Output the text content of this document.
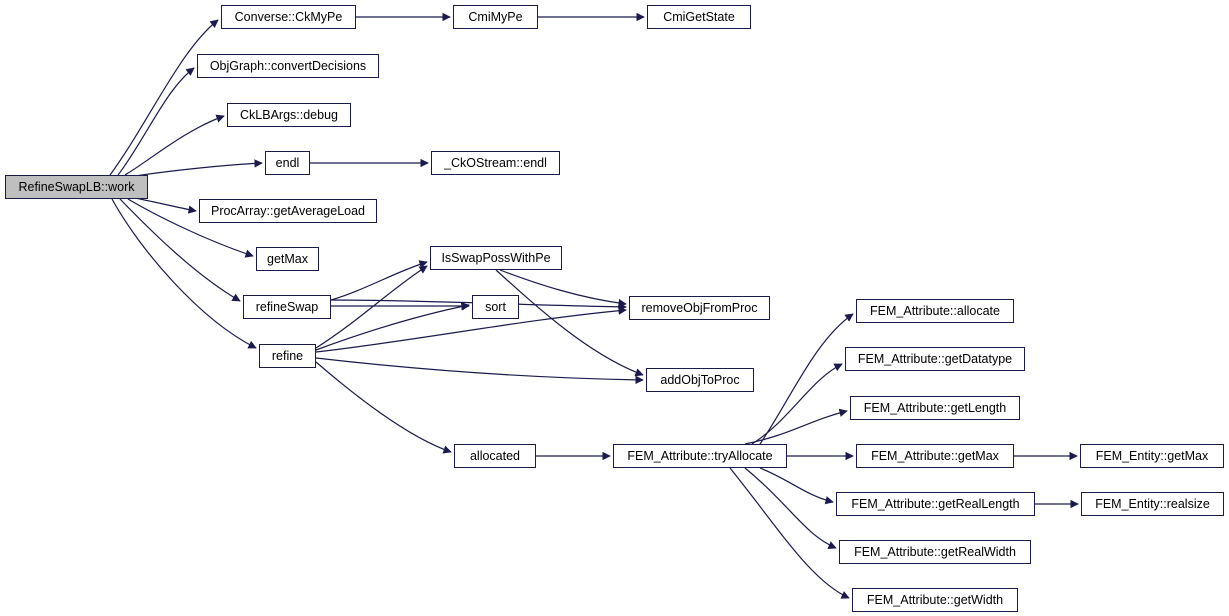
RefineSwapLB::work
Converse::CkMyPe	CmiMyPe	CmiGetState
ObjGraph::convertDecisions
CkLBArgs::debug
endl	_CkOStream::endl
ProcArray::getAverageLoad
getMax
refineSwap
refine
IsSwapPossWithPe
sort	removeObjFromProc
addObjToProc
allocated	FEM_Attribute::tryAllocate
FEM_Attribute::allocate
FEM_Attribute::getDatatype
FEM_Attribute::getLength
FEM_Attribute::getMax	FEM_Entity::getMax
FEM_Attribute::getRealLength	FEM_Entity::realsize
FEM_Attribute::getRealWidth
FEM_Attribute::getWidth
